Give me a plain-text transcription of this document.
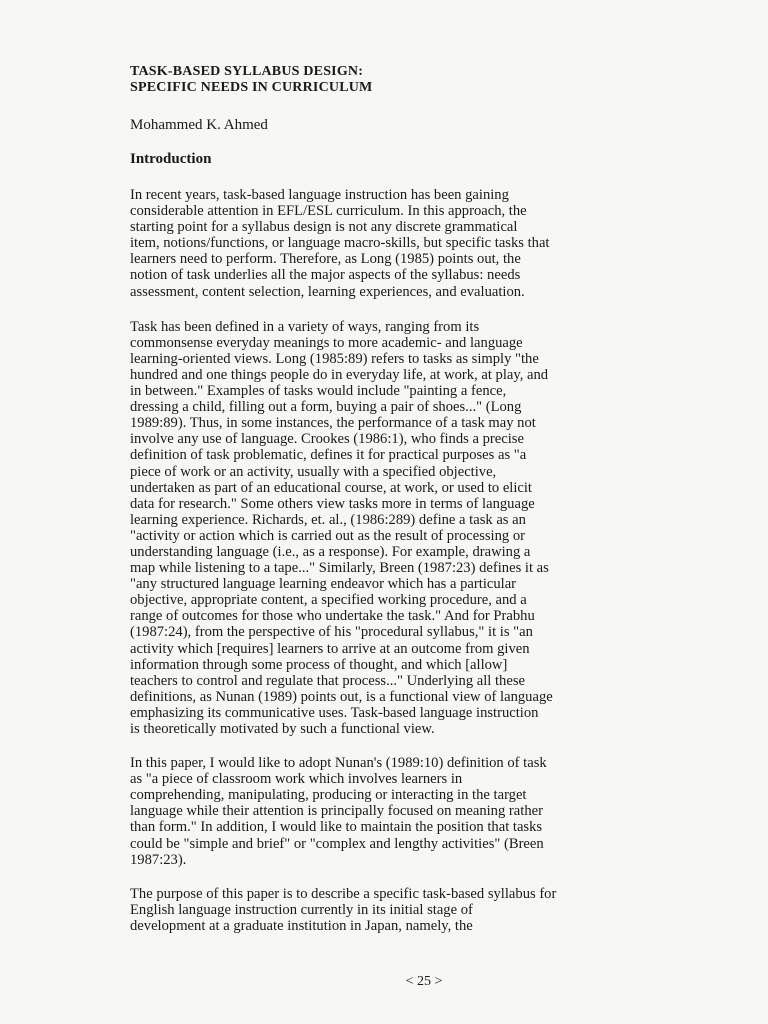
TASK-BASED SYLLABUS DESIGN:
SPECIFIC NEEDS IN CURRICULUM
Mohammed K. Ahmed
Introduction

In recent years, task-based language instruction has been gaining
considerable attention in EFL/ESL curriculum. In this approach, the
starting point for a syllabus design is not any discrete grammatical
item, notions/functions, or language macro-skills, but specific tasks that
learners need to perform. Therefore, as Long (1985) points out, the
notion of task underlies all the major aspects of the syllabus: needs
assessment, content selection, learning experiences, and evaluation.

Task has been defined in a variety of ways, ranging from its
commonsense everyday meanings to more academic- and language
learning-oriented views. Long (1985:89) refers to tasks as simply "the
hundred and one things people do in everyday life, at work, at play, and
in between." Examples of tasks would include "painting a fence,
dressing a child, filling out a form, buying a pair of shoes..." (Long
1989:89). Thus, in some instances, the performance of a task may not
involve any use of language. Crookes (1986:1), who finds a precise
definition of task problematic, defines it for practical purposes as "a
piece of work or an activity, usually with a specified objective,
undertaken as part of an educational course, at work, or used to elicit
data for research." Some others view tasks more in terms of language
learning experience. Richards, et. al., (1986:289) define a task as an
"activity or action which is carried out as the result of processing or
understanding language (i.e., as a response). For example, drawing a
map while listening to a tape..." Similarly, Breen (1987:23) defines it as
"any structured language learning endeavor which has a particular
objective, appropriate content, a specified working procedure, and a
range of outcomes for those who undertake the task." And for Prabhu
(1987:24), from the perspective of his "procedural syllabus," it is "an
activity which [requires] learners to arrive at an outcome from given
information through some process of thought, and which [allow]
teachers to control and regulate that process..." Underlying all these
definitions, as Nunan (1989) points out, is a functional view of language
emphasizing its communicative uses. Task-based language instruction
is theoretically motivated by such a functional view.

In this paper, I would like to adopt Nunan's (1989:10) definition of task
as "a piece of classroom work which involves learners in
comprehending, manipulating, producing or interacting in the target
language while their attention is principally focused on meaning rather
than form." In addition, I would like to maintain the position that tasks
could be "simple and brief" or "complex and lengthy activities" (Breen
1987:23).

The purpose of this paper is to describe a specific task-based syllabus for
English language instruction currently in its initial stage of
development at a graduate institution in Japan, namely, the

< 25 >
